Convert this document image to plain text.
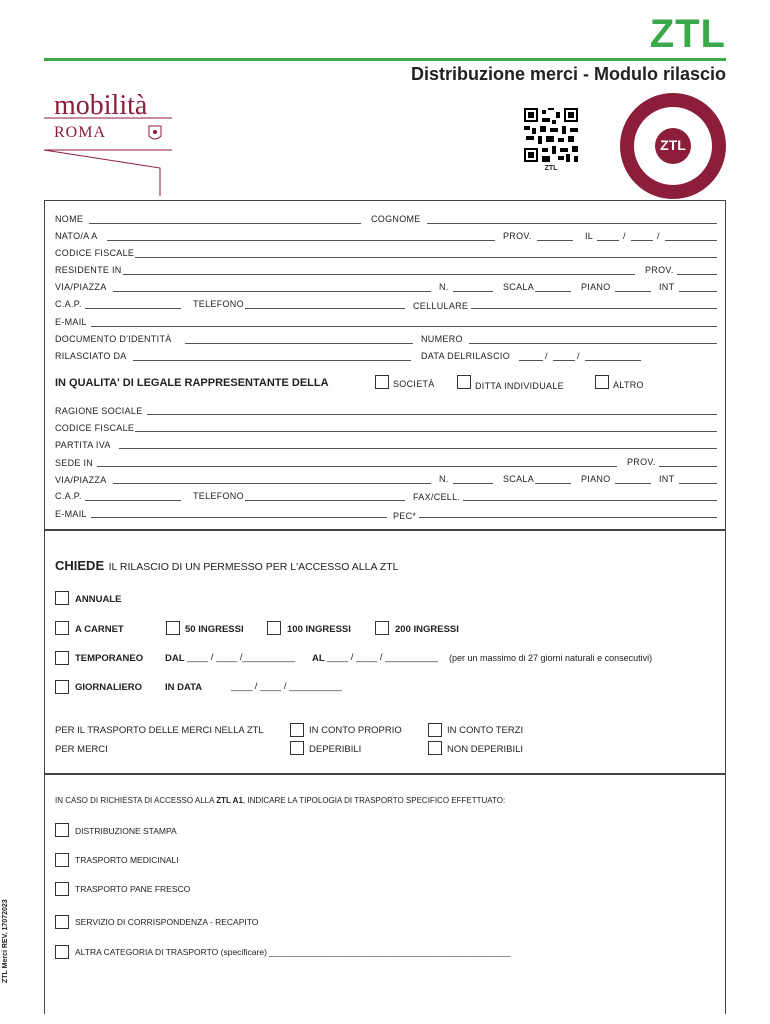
ZTL
Distribuzione merci - Modulo rilascio
mobilità
ROMA
ZTL
ZTL
NOME	COGNOME
NATO/A A	PROV.	IL	/	/
CODICE FISCALE
RESIDENTE IN	PROV.
VIA/PIAZZA	N.	SCALA	PIANO	INT
C.A.P.	TELEFONO	CELLULARE
E-MAIL
DOCUMENTO D'IDENTITÀ	NUMERO
RILASCIATO DA	DATA DELRILASCIO	/	/
IN QUALITA' DI LEGALE RAPPRESENTANTE DELLA	SOCIETÀ	DITTA INDIVIDUALE	ALTRO
RAGIONE SOCIALE
CODICE FISCALE
PARTITA IVA
SEDE IN	PROV.
VIA/PIAZZA	N.	SCALA	PIANO	INT
C.A.P.	TELEFONO	FAX/CELL.
E-MAIL	PEC*
CHIEDE IL RILASCIO DI UN PERMESSO PER L'ACCESSO ALLA ZTL
ANNUALE
A CARNET	50 INGRESSI	100 INGRESSI	200 INGRESSI
TEMPORANEO DAL ____ / ____ /__________ AL ____ / ____ / __________ (per un massimo di 27 giorni naturali e consecutivi)
GIORNALIERO IN DATA	____ / ____ / __________
PER IL TRASPORTO DELLE MERCI NELLA ZTL	IN CONTO PROPRIO	IN CONTO TERZI
PER MERCI	DEPERIBILI	NON DEPERIBILI
IN CASO DI RICHIESTA DI ACCESSO ALLA ZTL A1, INDICARE LA TIPOLOGIA DI TRASPORTO SPECIFICO EFFETTUATO:
DISTRIBUZIONE STAMPA
TRASPORTO MEDICINALI
TRASPORTO PANE FRESCO
SERVIZIO DI CORRISPONDENZA - RECAPITO
ALTRA CATEGORIA DI TRASPORTO (specificare) ___________________________________________________
ZTL Merci REV. 17072023
